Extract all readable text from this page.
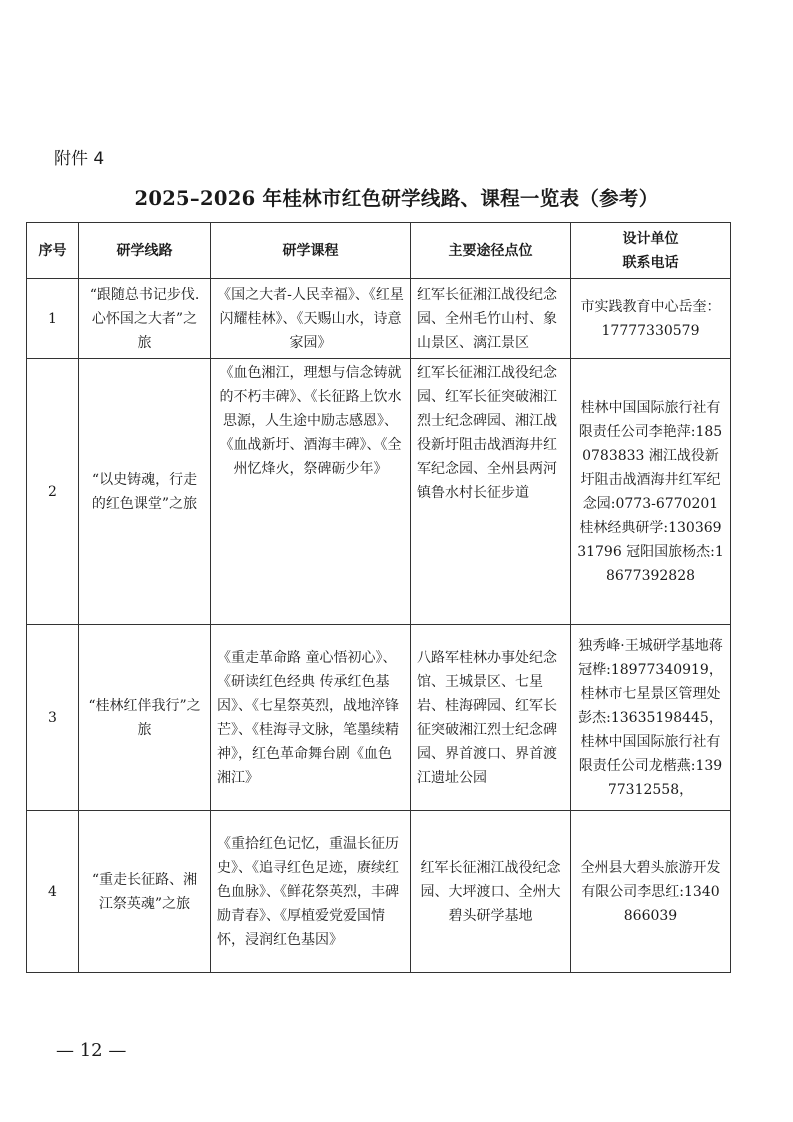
附件 4
2025–2026 年桂林市红色研学线路、课程一览表（参考）
序号	研学线路	研学课程	主要途径点位	设计单位
联系电话

1	“跟随总书记步伐.心怀国之大者”之旅	《国之大者-人民幸福》、《红星闪耀桂林》、《天赐山水，诗意家园》	红军长征湘江战役纪念园、全州毛竹山村、象山景区、漓江景区	市实践教育中心岳奎：17777330579
2	“以史铸魂，行走的红色课堂”之旅	《血色湘江，理想与信念铸就的不朽丰碑》、《长征路上饮水思源，人生途中励志感恩》、《血战新圩、酒海丰碑》、《全州忆烽火，祭碑砺少年》	红军长征湘江战役纪念园、红军长征突破湘江烈士纪念碑园、湘江战役新圩阻击战酒海井红军纪念园、全州县两河镇鲁水村长征步道	桂林中国国际旅行社有限责任公司李艳萍:1850783833 湘江战役新圩阻击战酒海井红军纪念园:0773-6770201 桂林经典研学:13036931796 冠阳国旅杨杰:18677392828
3	“桂林红伴我行”之旅	《重走革命路 童心悟初心》、《研读红色经典 传承红色基因》、《七星祭英烈，战地淬锋芒》、《桂海寻文脉，笔墨续精神》，红色革命舞台剧《血色湘江》	八路军桂林办事处纪念馆、王城景区、七星岩、桂海碑园、红军长征突破湘江烈士纪念碑园、界首渡口、界首渡江遗址公园	独秀峰·王城研学基地蒋冠桦:18977340919，桂林市七星景区管理处彭杰:13635198445，桂林中国国际旅行社有限责任公司龙楷燕:13977312558，
4	“重走长征路、湘江祭英魂”之旅	《重拾红色记忆，重温长征历史》、《追寻红色足迹，赓续红色血脉》、《鲜花祭英烈，丰碑励青春》、《厚植爱党爱国情怀，浸润红色基因》	红军长征湘江战役纪念园、大坪渡口、全州大碧头研学基地	全州县大碧头旅游开发有限公司李思红:1340866039
— 12 —
